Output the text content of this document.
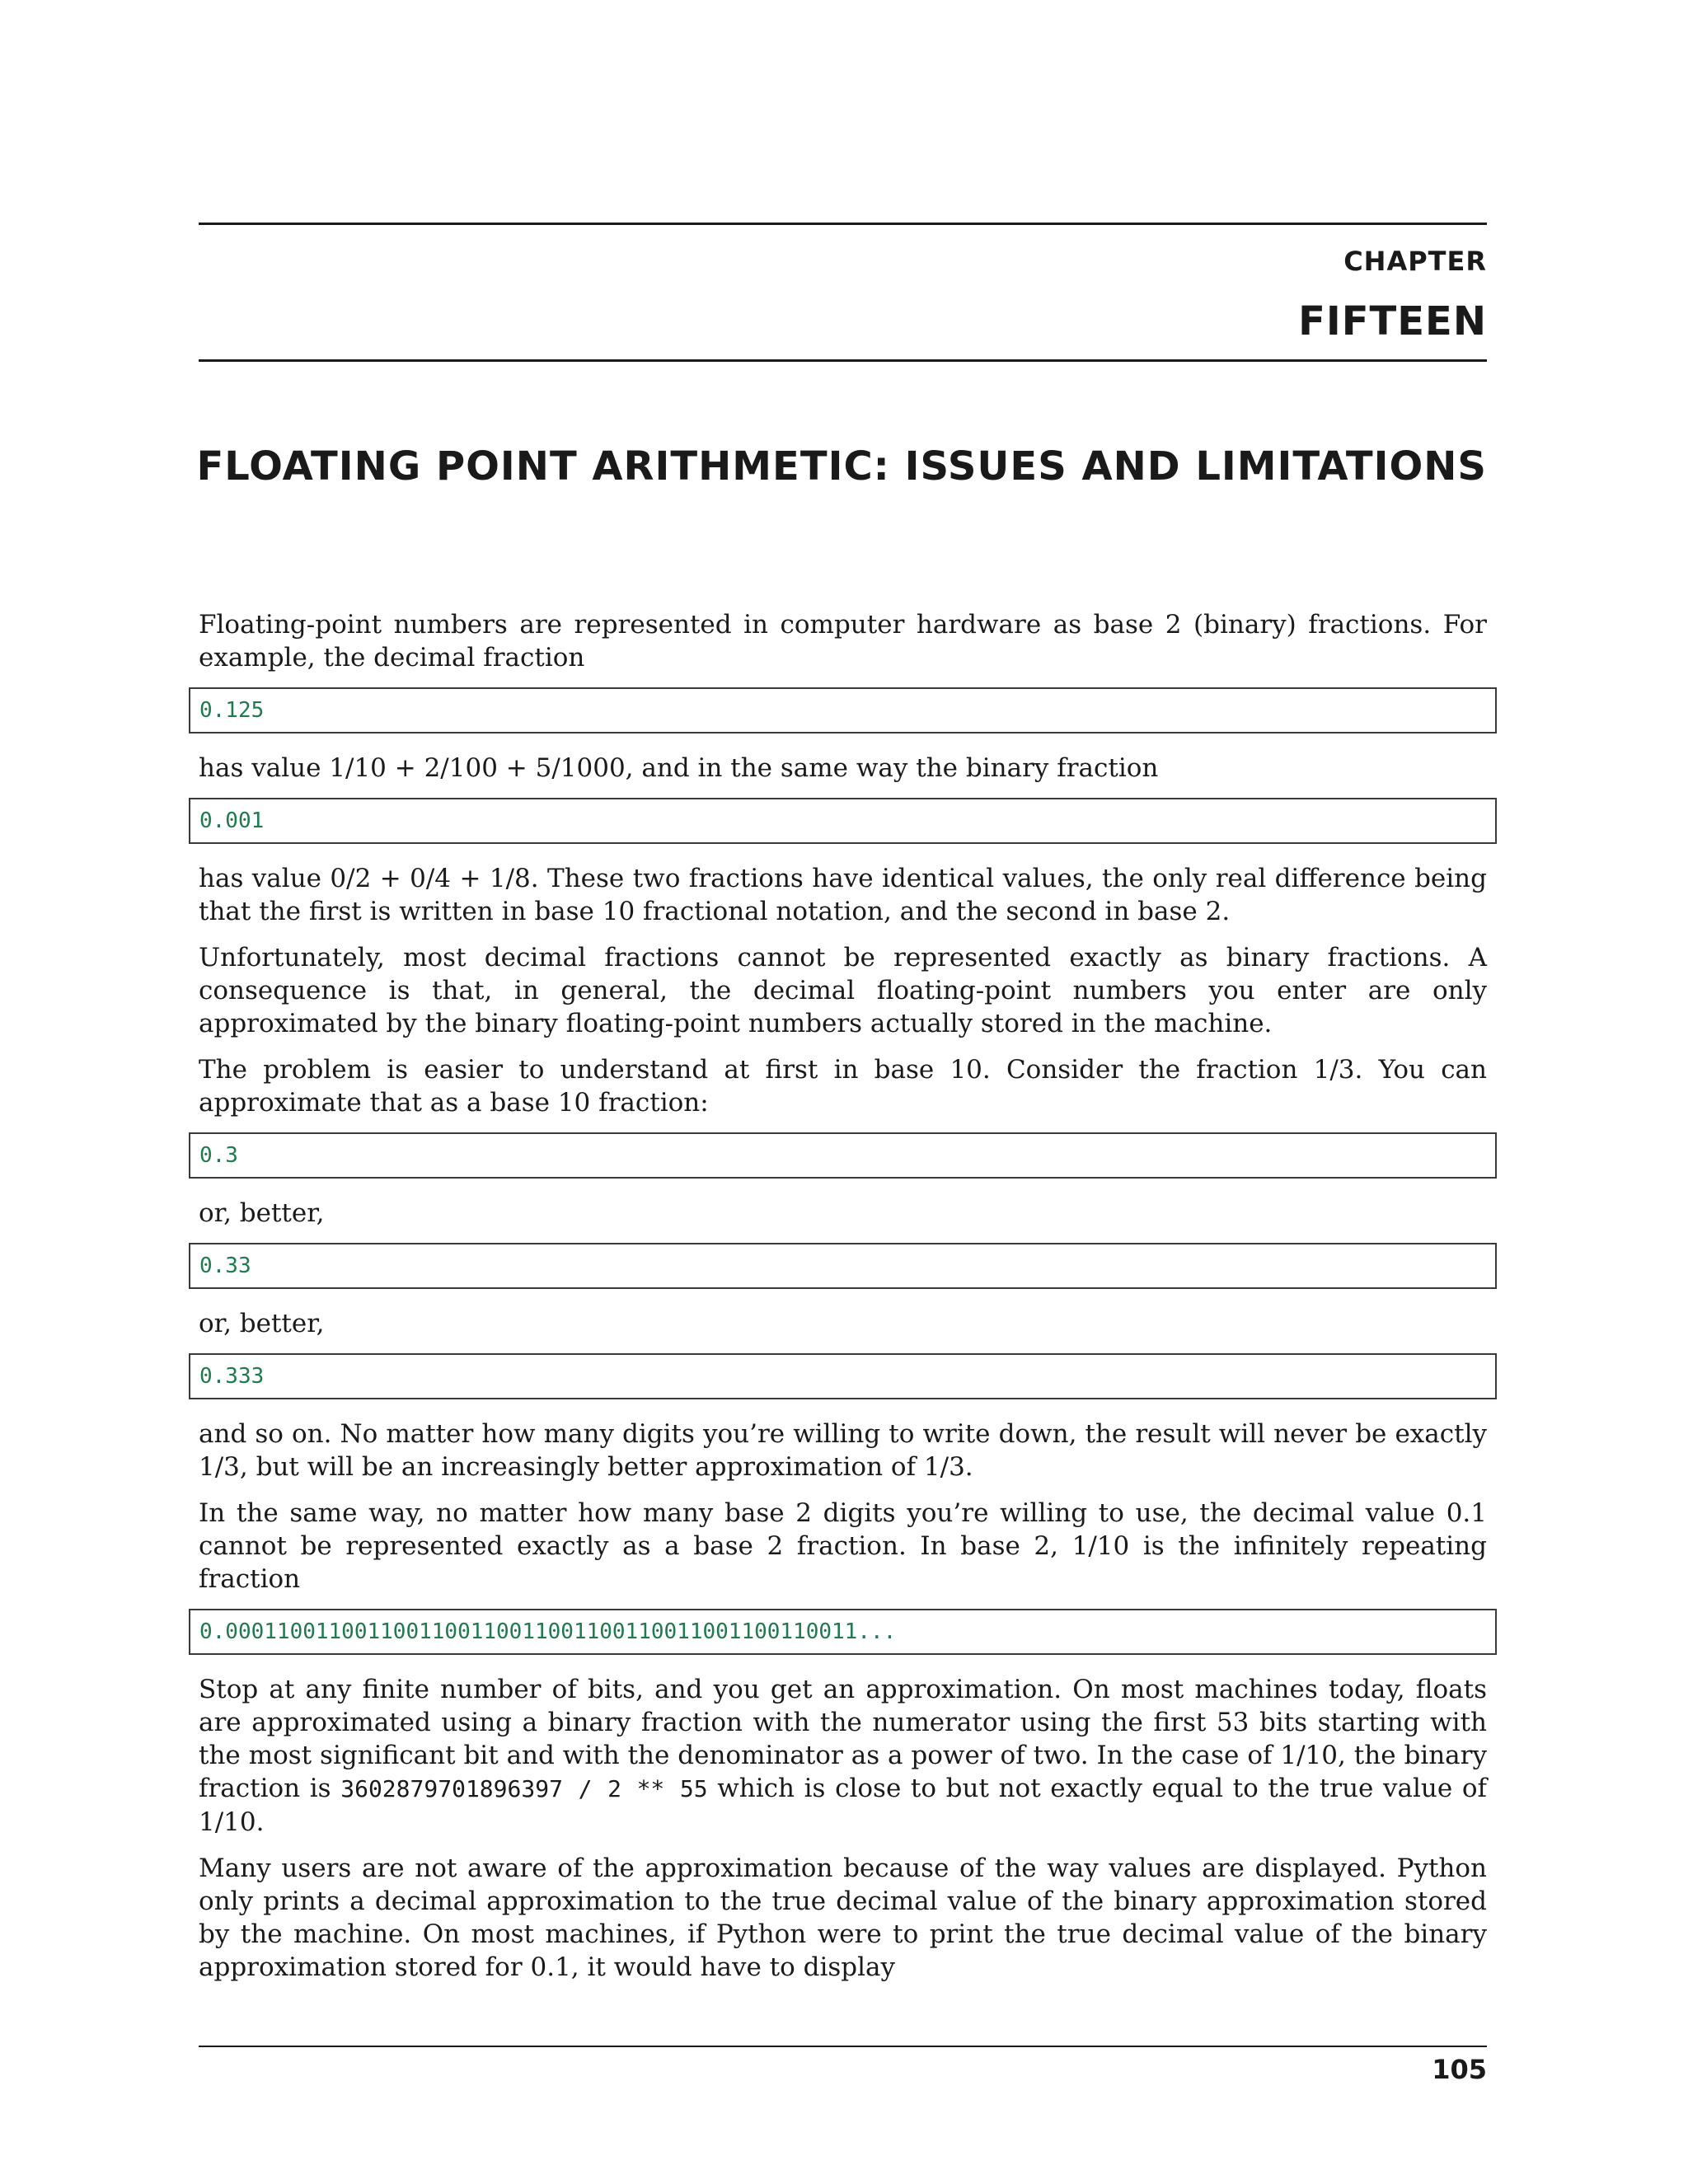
CHAPTER
FIFTEEN
FLOATING POINT ARITHMETIC: ISSUES AND LIMITATIONS

Floating-point numbers are represented in computer hardware as base 2 (binary) fractions. For example, the decimal fraction

0.125

has value 1/10 + 2/100 + 5/1000, and in the same way the binary fraction

0.001

has value 0/2 + 0/4 + 1/8. These two fractions have identical values, the only real difference being that the first is written in base 10 fractional notation, and the second in base 2.

Unfortunately, most decimal fractions cannot be represented exactly as binary fractions. A consequence is that, in general, the decimal floating-point numbers you enter are only approximated by the binary floating-point numbers actually stored in the machine.

The problem is easier to understand at first in base 10. Consider the fraction 1/3. You can approximate that as a base 10 fraction:

0.3

or, better,

0.33

or, better,

0.333

and so on. No matter how many digits you’re willing to write down, the result will never be exactly 1/3, but will be an increasingly better approximation of 1/3.

In the same way, no matter how many base 2 digits you’re willing to use, the decimal value 0.1 cannot be represented exactly as a base 2 fraction. In base 2, 1/10 is the infinitely repeating fraction

0.0001100110011001100110011001100110011001100110011...

Stop at any finite number of bits, and you get an approximation. On most machines today, floats are approximated using a binary fraction with the numerator using the first 53 bits starting with the most significant bit and with the denominator as a power of two. In the case of 1/10, the binary fraction is 3602879701896397 / 2 ** 55 which is close to but not exactly equal to the true value of 1/10.

Many users are not aware of the approximation because of the way values are displayed. Python only prints a decimal approximation to the true decimal value of the binary approximation stored by the machine. On most machines, if Python were to print the true decimal value of the binary approximation stored for 0.1, it would have to display

105
